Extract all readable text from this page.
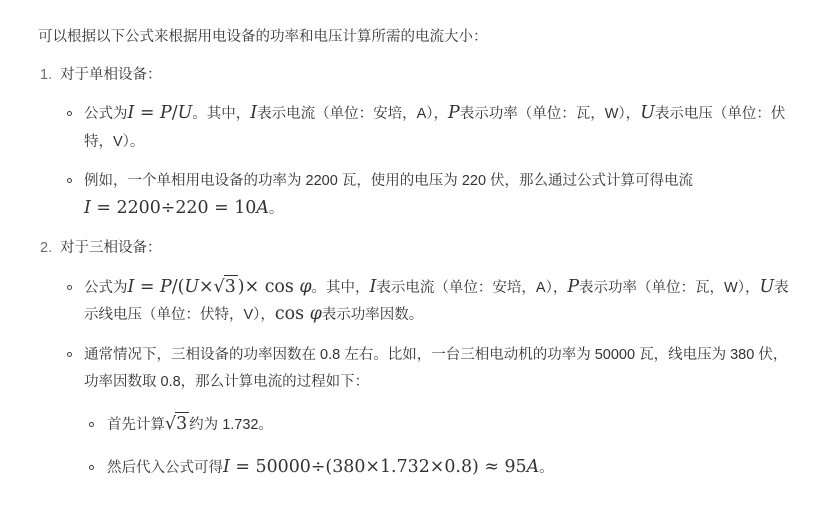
可以根据以下公式来根据用电设备的功率和电压计算所需的电流大小：

1. 对于单相设备：
公式为I = P/U。其中，I表示电流（单位：安培，A），P表示功率（单位：瓦，W），U表示电压（单位：伏特，V）。
例如，一个单相用电设备的功率为 2200 瓦，使用的电压为 220 伏，那么通过公式计算可得电流I = 2200÷220 = 10A。
2. 对于三相设备：
公式为I = P/(U×√3 )× cos φ。其中，I表示电流（单位：安培，A），P表示功率（单位：瓦，W），U表示线电压（单位：伏特，V），cos φ表示功率因数。
通常情况下，三相设备的功率因数在 0.8 左右。比如，一台三相电动机的功率为 50000 瓦，线电压为 380 伏，功率因数取 0.8，那么计算电流的过程如下：
首先计算√3 约为 1.732。
然后代入公式可得I = 50000÷(380×1.732×0.8) ≈ 95A。
